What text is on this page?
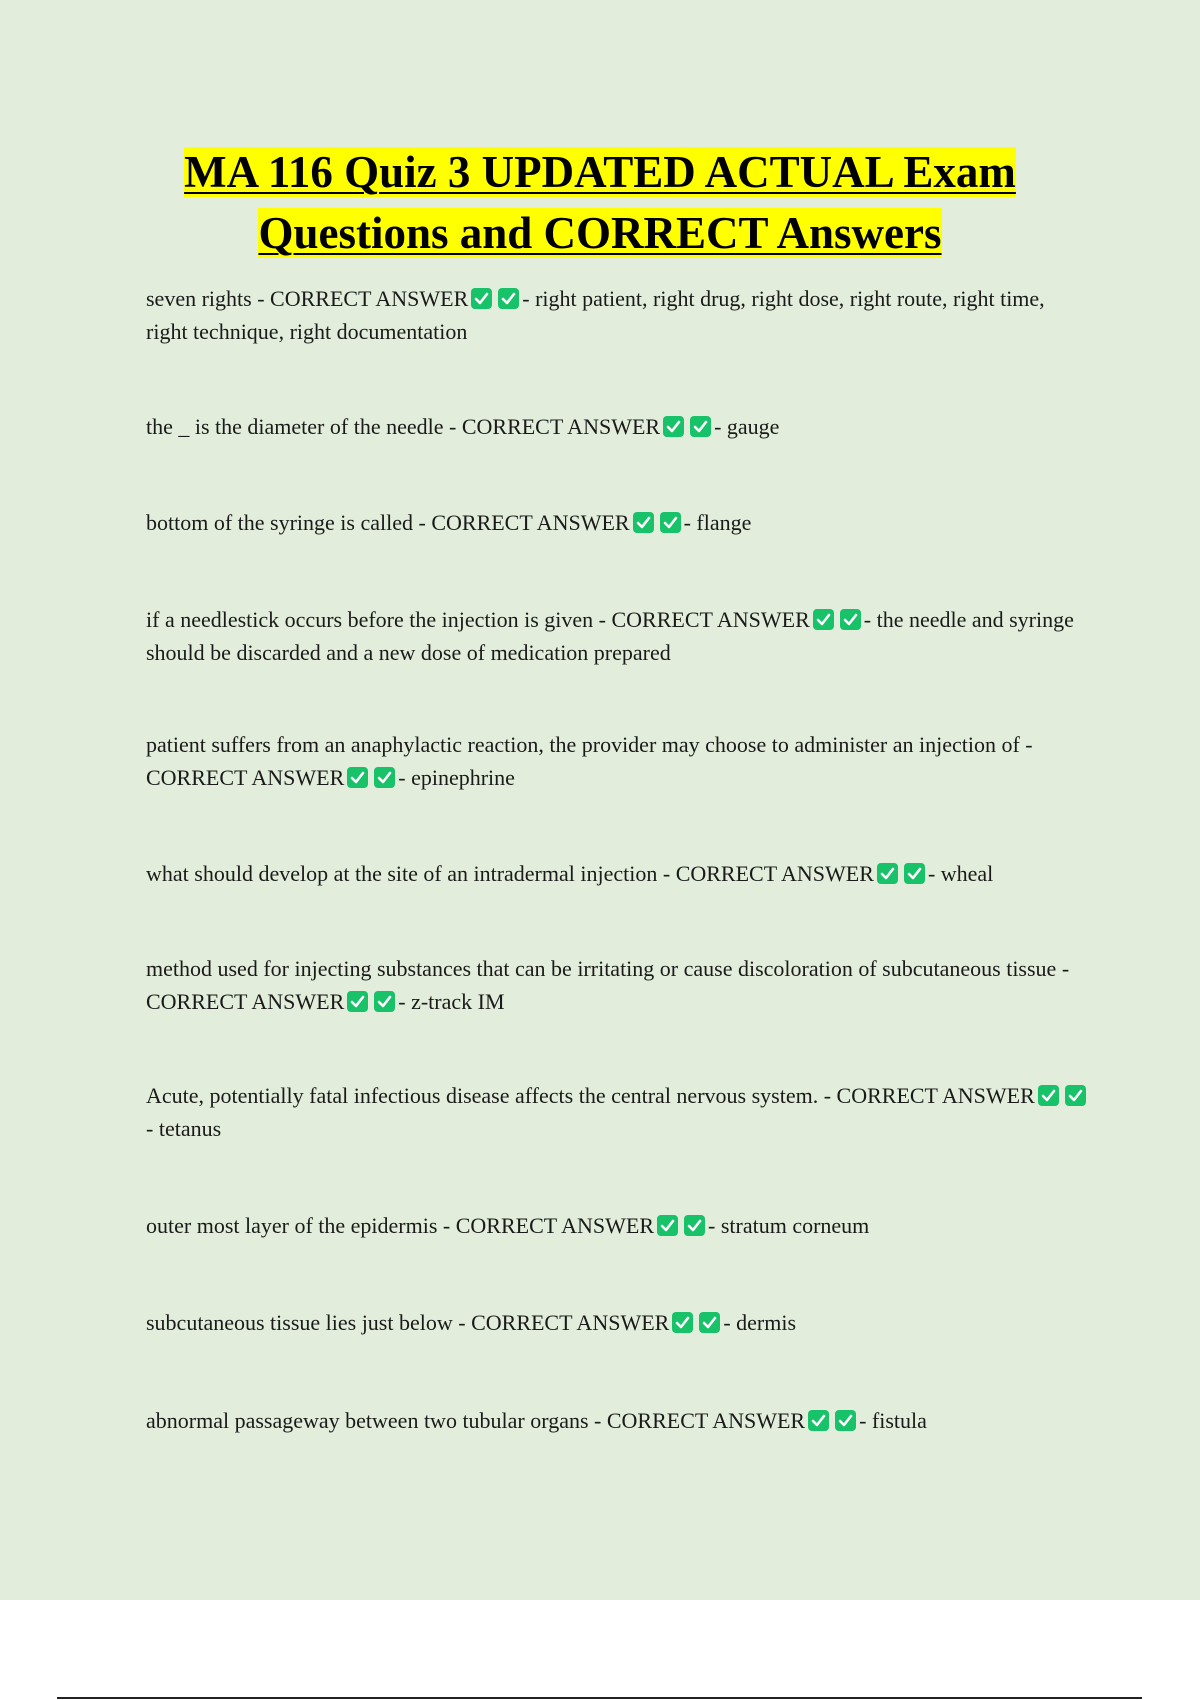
MA 116 Quiz 3 UPDATED ACTUAL Exam
Questions and CORRECT Answers

seven rights - CORRECT ANSWER - right patient, right drug, right dose, right route, right time, right technique, right documentation

the _ is the diameter of the needle - CORRECT ANSWER - gauge

bottom of the syringe is called - CORRECT ANSWER - flange

if a needlestick occurs before the injection is given - CORRECT ANSWER - the needle and syringe should be discarded and a new dose of medication prepared

patient suffers from an anaphylactic reaction, the provider may choose to administer an injection of - CORRECT ANSWER - epinephrine

what should develop at the site of an intradermal injection - CORRECT ANSWER - wheal

method used for injecting substances that can be irritating or cause discoloration of subcutaneous tissue - CORRECT ANSWER - z-track IM

Acute, potentially fatal infectious disease affects the central nervous system. - CORRECT ANSWER
- tetanus

outer most layer of the epidermis - CORRECT ANSWER - stratum corneum

subcutaneous tissue lies just below - CORRECT ANSWER - dermis

abnormal passageway between two tubular organs - CORRECT ANSWER - fistula
